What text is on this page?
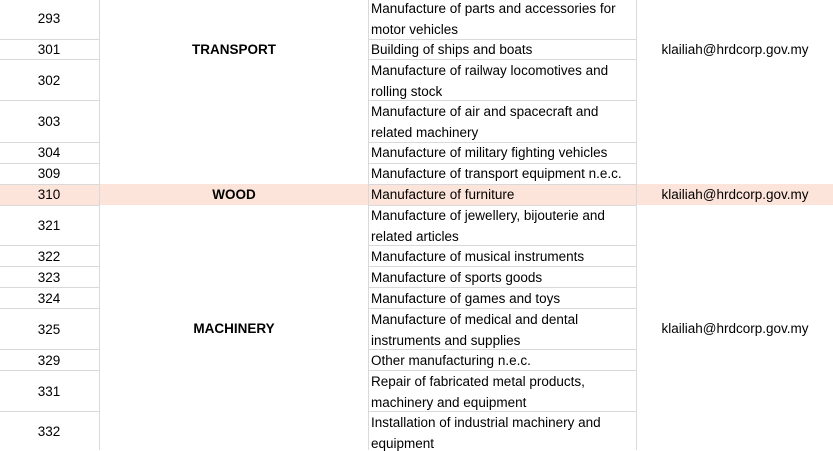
293
301
302
303
304
309
310
321
322
323
324
325
329
331
332
Manufacture of parts and accessories for
motor vehicles
Building of ships and boats
Manufacture of railway locomotives and
rolling stock
Manufacture of air and spacecraft and
related machinery
Manufacture of military fighting vehicles
Manufacture of transport equipment n.e.c.
Manufacture of furniture
Manufacture of jewellery, bijouterie and
related articles
Manufacture of musical instruments
Manufacture of sports goods
Manufacture of games and toys
Manufacture of medical and dental
instruments and supplies
Other manufacturing n.e.c.
Repair of fabricated metal products,
machinery and equipment
Installation of industrial machinery and
equipment
TRANSPORT
WOOD
MACHINERY
klailiah@hrdcorp.gov.my
klailiah@hrdcorp.gov.my
klailiah@hrdcorp.gov.my
